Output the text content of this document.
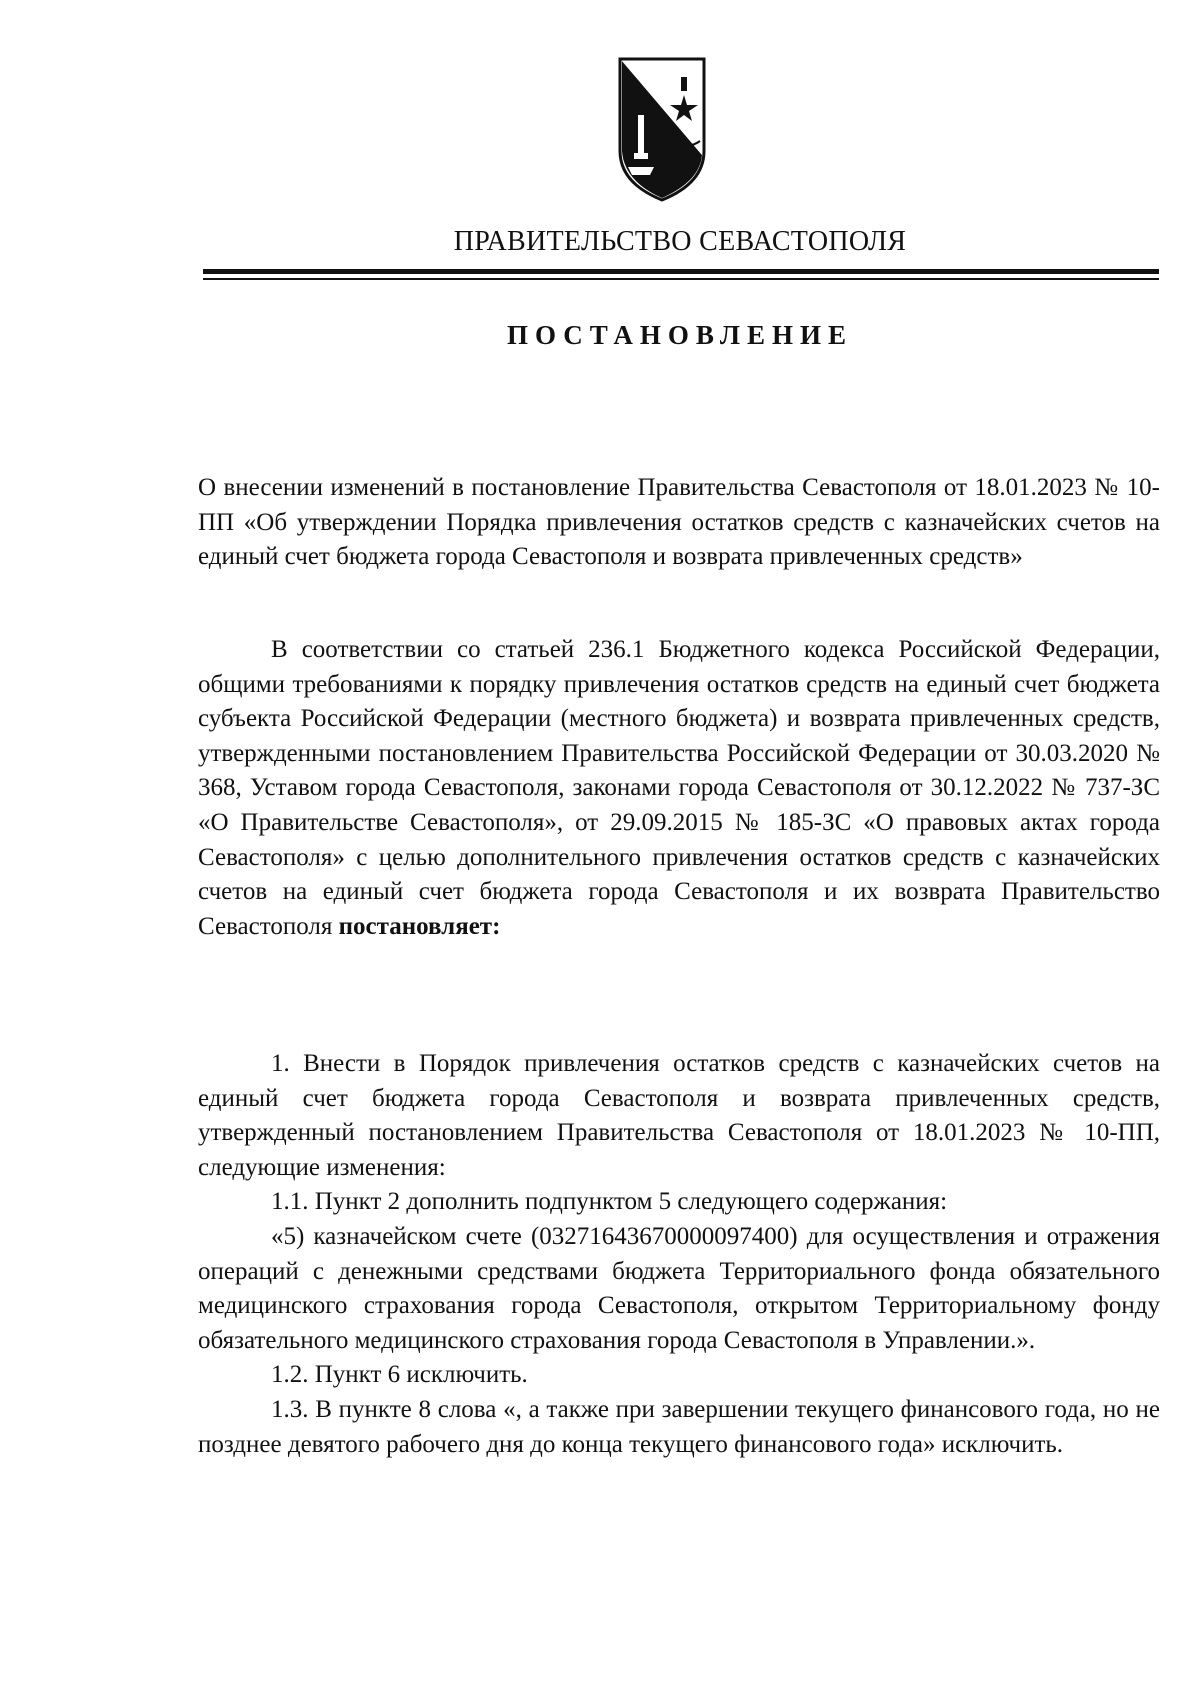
ПРАВИТЕЛЬСТВО СЕВАСТОПОЛЯ
ПОСТАНОВЛЕНИЕ

О внесении изменений в постановление Правительства Севастополя от 18.01.2023 № 10-ПП «Об утверждении Порядка привлечения остатков средств с казначейских счетов на единый счет бюджета города Севастополя и возврата привлеченных средств»

В соответствии со статьей 236.1 Бюджетного кодекса Российской Федерации, общими требованиями к порядку привлечения остатков средств на единый счет бюджета субъекта Российской Федерации (местного бюджета) и возврата привлеченных средств, утвержденными постановлением Правительства Российской Федерации от 30.03.2020 № 368, Уставом города Севастополя, законами города Севастополя от 30.12.2022 № 737-ЗС «О Правительстве Севастополя», от 29.09.2015 № 185-ЗС «О правовых актах города Севастополя» с целью дополнительного привлечения остатков средств с казначейских счетов на единый счет бюджета города Севастополя и их возврата Правительство Севастополя постановляет:

1. Внести в Порядок привлечения остатков средств с казначейских счетов на единый счет бюджета города Севастополя и возврата привлеченных средств, утвержденный постановлением Правительства Севастополя от 18.01.2023 № 10-ПП, следующие изменения:

1.1. Пункт 2 дополнить подпунктом 5 следующего содержания:

«5) казначейском счете (03271643670000097400) для осуществления и отражения операций с денежными средствами бюджета Территориального фонда обязательного медицинского страхования города Севастополя, открытом Территориальному фонду обязательного медицинского страхования города Севастополя в Управлении.».

1.2. Пункт 6 исключить.

1.3. В пункте 8 слова «, а также при завершении текущего финансового года, но не позднее девятого рабочего дня до конца текущего финансового года» исключить.
